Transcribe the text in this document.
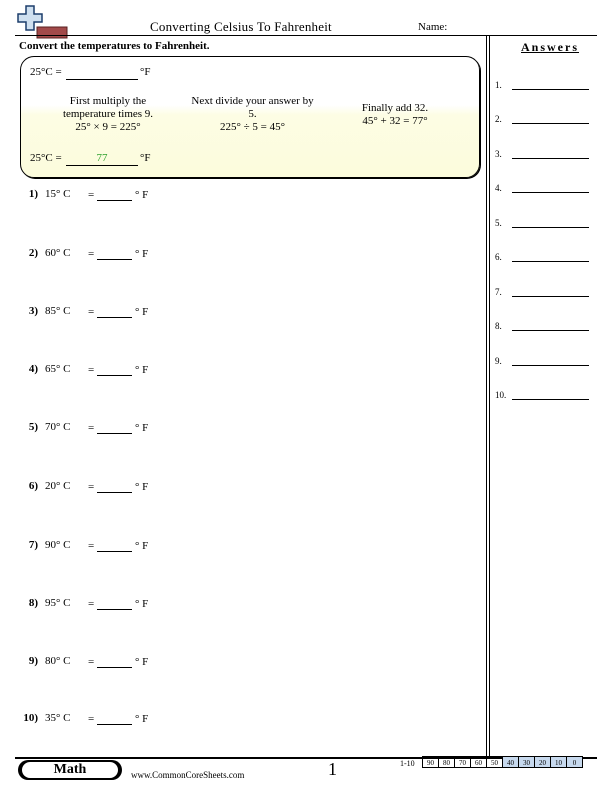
Converting Celsius To Fahrenheit	Name:
Convert the temperatures to Fahrenheit.
25°C =	°F
First multiply the
temperature times 9.
25° × 9 = 225°
Next divide your answer by
5.
225° ÷ 5 = 45°
Finally add 32.
45° + 32 = 77°
25°C =	77	°F
1) 15° C =	° F
2) 60° C =	° F
3) 85° C =	° F
4) 65° C =	° F
5) 70° C =	° F
6) 20° C =	° F
7) 90° C =	° F
8) 95° C =	° F
9) 80° C =	° F
10) 35° C =	° F
Answers
1.
2.
3.
4.
5.
6.
7.
8.
9.
10.
Math	www.CommonCoreSheets.com	1	1-10	90	80	70	60	50	40	30	20	10	0
